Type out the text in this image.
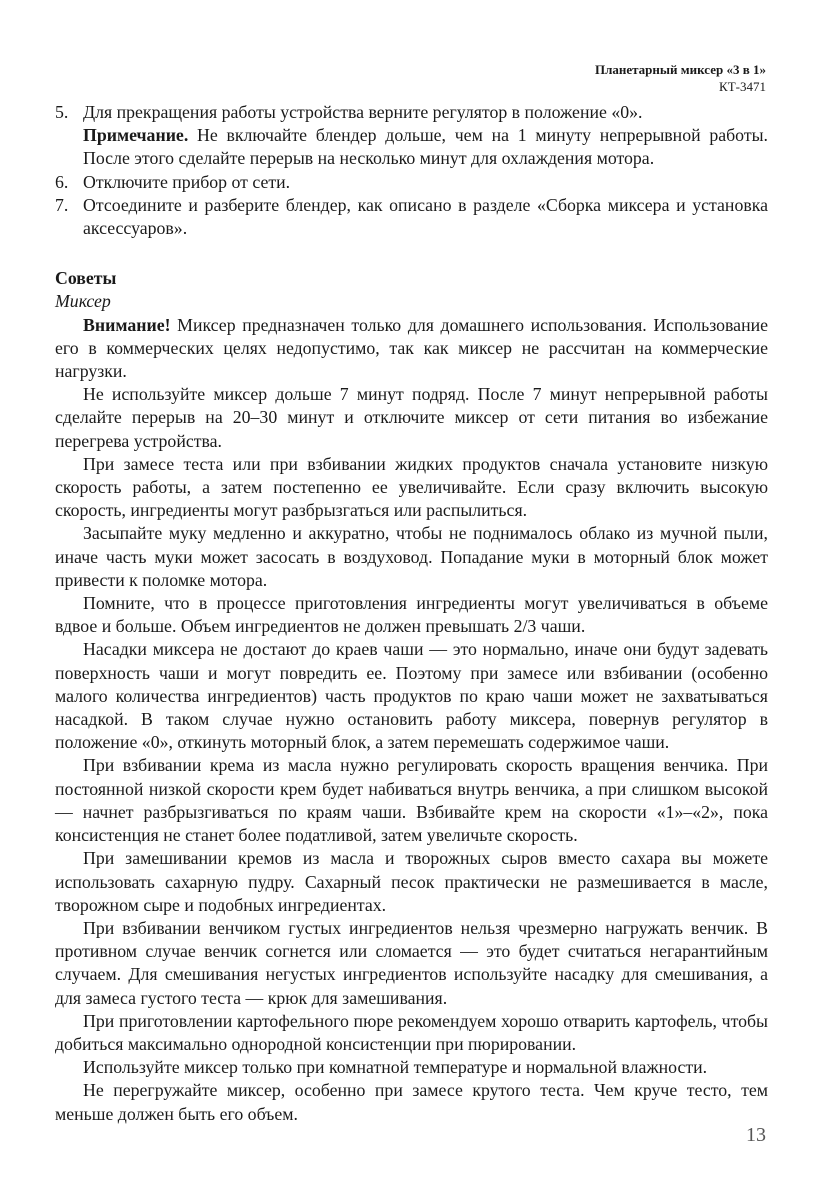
Планетарный миксер «3 в 1»
КТ-3471
5. Для прекращения работы устройства верните регулятор в положение «0».
Примечание. Не включайте блендер дольше, чем на 1 минуту непрерывной работы. После этого сделайте перерыв на несколько минут для охлаждения мотора.
6. Отключите прибор от сети.
7. Отсоедините и разберите блендер, как описано в разделе «Сборка миксера и установка аксессуаров».
Советы
Миксер

Внимание! Миксер предназначен только для домашнего использования. Использование его в коммерческих целях недопустимо, так как миксер не рассчитан на коммерческие нагрузки.

Не используйте миксер дольше 7 минут подряд. После 7 минут непрерывной работы сделайте перерыв на 20–30 минут и отключите миксер от сети питания во избежание перегрева устройства.

При замесе теста или при взбивании жидких продуктов сначала установите низкую скорость работы, а затем постепенно ее увеличивайте. Если сразу включить высокую скорость, ингредиенты могут разбрызгаться или распылиться.

Засыпайте муку медленно и аккуратно, чтобы не поднималось облако из мучной пыли, иначе часть муки может засосать в воздуховод. Попадание муки в моторный блок может привести к поломке мотора.

Помните, что в процессе приготовления ингредиенты могут увеличиваться в объеме вдвое и больше. Объем ингредиентов не должен превышать 2/3 чаши.

Насадки миксера не достают до краев чаши — это нормально, иначе они будут задевать поверхность чаши и могут повредить ее. Поэтому при замесе или взбивании (особенно малого количества ингредиентов) часть продуктов по краю чаши может не захватываться насадкой. В таком случае нужно остановить работу миксера, повернув регулятор в положение «0», откинуть моторный блок, а затем перемешать содержимое чаши.

При взбивании крема из масла нужно регулировать скорость вращения венчика. При постоянной низкой скорости крем будет набиваться внутрь венчика, а при слишком высокой — начнет разбрызгиваться по краям чаши. Взбивайте крем на скорости «1»–«2», пока консистенция не станет более податливой, затем увеличьте скорость.

При замешивании кремов из масла и творожных сыров вместо сахара вы можете использовать сахарную пудру. Сахарный песок практически не размешивается в масле, творожном сыре и подобных ингредиентах.

При взбивании венчиком густых ингредиентов нельзя чрезмерно нагружать венчик. В противном случае венчик согнется или сломается — это будет считаться негарантийным случаем. Для смешивания негустых ингредиентов используйте насадку для смешивания, а для замеса густого теста — крюк для замешивания.

При приготовлении картофельного пюре рекомендуем хорошо отварить картофель, чтобы добиться максимально однородной консистенции при пюрировании.

Используйте миксер только при комнатной температуре и нормальной влажности.

Не перегружайте миксер, особенно при замесе крутого теста. Чем круче тесто, тем меньше должен быть его объем.

13
